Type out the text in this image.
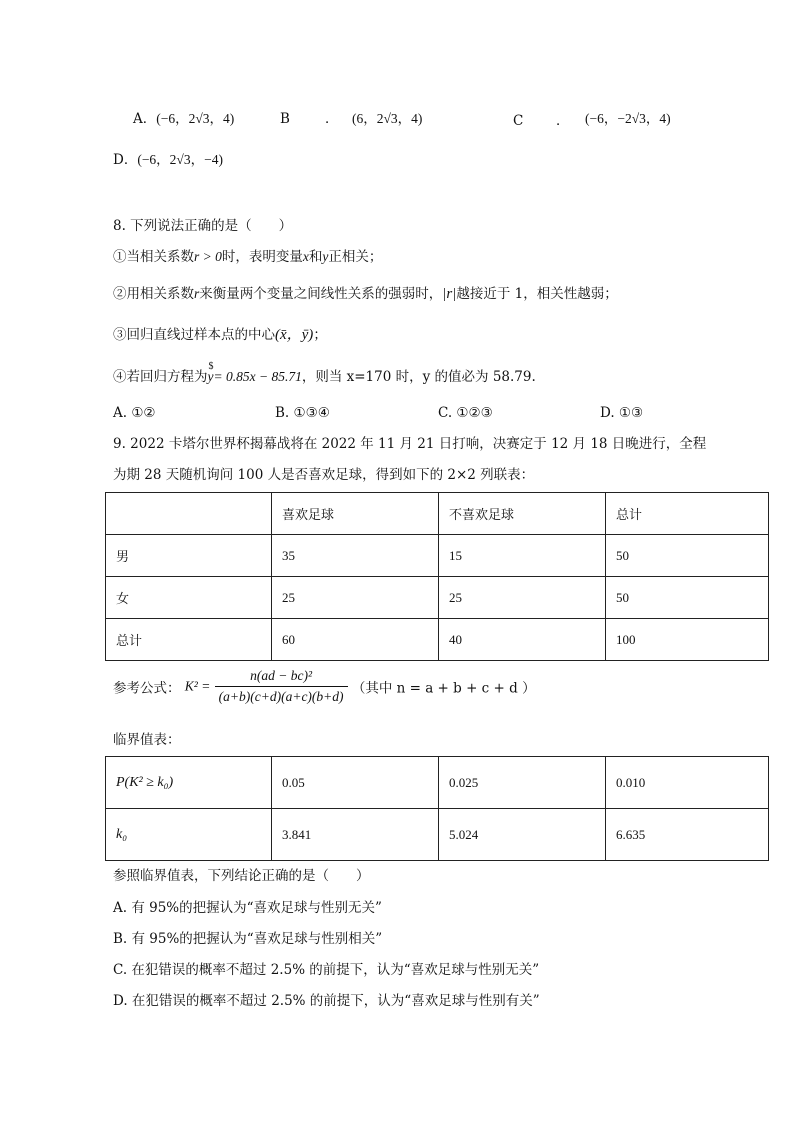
A．(−6，2√3，4)	B	． (6，2√3，4)	C ． (−6，−2√3，4)
D．(−6，2√3，−4)
8. 下列说法正确的是（　　）
①当相关系数r > 0时，表明变量x和y正相关；
②用相关系数r来衡量两个变量之间线性关系的强弱时，|r|越接近于 1，相关性越弱；
③回归直线过样本点的中心(x̄，ȳ)；
④若回归方程为
$
y= 0.85x − 85.71，则当 x=170 时，y 的值必为 58.79.
A. ①②	B. ①③④	C. ①②③	D. ①③
9. 2022 卡塔尔世界杯揭幕战将在 2022 年 11 月 21 日打响，决赛定于 12 月 18 日晚进行，全程
为期 28 天随机询问 100 人是否喜欢足球，得到如下的 2×2 列联表：
	喜欢足球	不喜欢足球	总计
男	35	15	50
女	25	25	50
总计	60	40	100
参考公式： $K^2 = \frac{\text{n(ad − bc)²}}{(a+b)(c+d)(a+c)(b+d)}$ （其中 n = a + b + c + d ）
临界值表：
P(K² ≥ k₀)	0.05	0.025	0.010
k₀	3.841	5.024	6.635
参照临界值表，下列结论正确的是（　　）
A. 有 95%的把握认为“喜欢足球与性别无关”
B. 有 95%的把握认为“喜欢足球与性别相关”
C. 在犯错误的概率不超过 2.5% 的前提下，认为“喜欢足球与性别无关”
D. 在犯错误的概率不超过 2.5% 的前提下，认为“喜欢足球与性别有关”
